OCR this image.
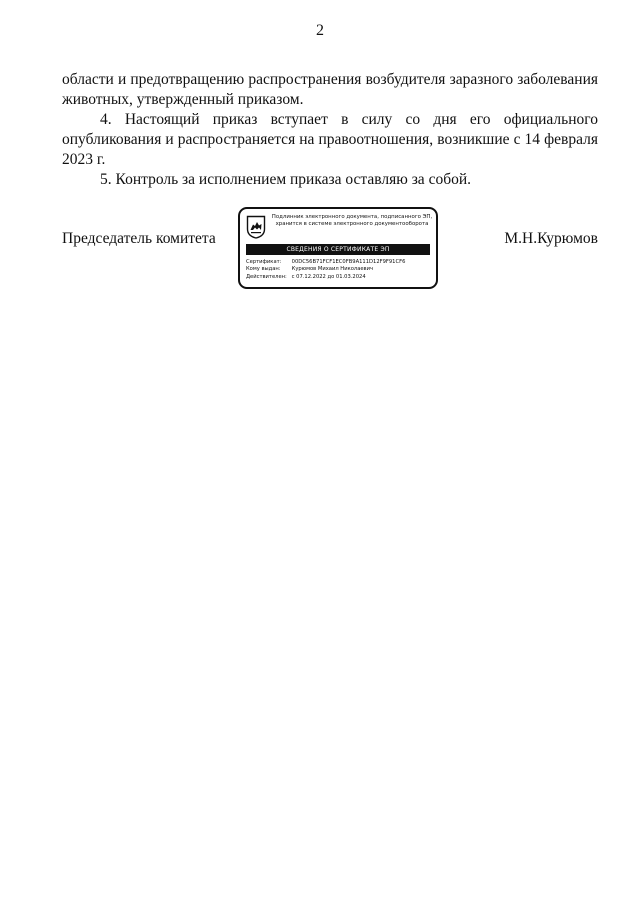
2

области и предотвращению распространения возбудителя заразного заболевания
животных, утвержденный приказом.

4. Настоящий приказ вступает в силу со дня его официального
опубликования и распространяется на правоотношения, возникшие с 14 февраля
2023 г.

5. Контроль за исполнением приказа оставляю за собой.

Председатель комитета	М.Н.Курюмов
Подлинник электронного документа, подписанного ЭП,
хранится в системе электронного документооборота
СВЕДЕНИЯ О СЕРТИФИКАТЕ ЭП
Сертификат: 00DC56B71FCF1EC0FB9A111D12F9F91CF6
Кому выдан: Курюмов Михаил Николаевич
Действителен: с 07.12.2022 до 01.03.2024
